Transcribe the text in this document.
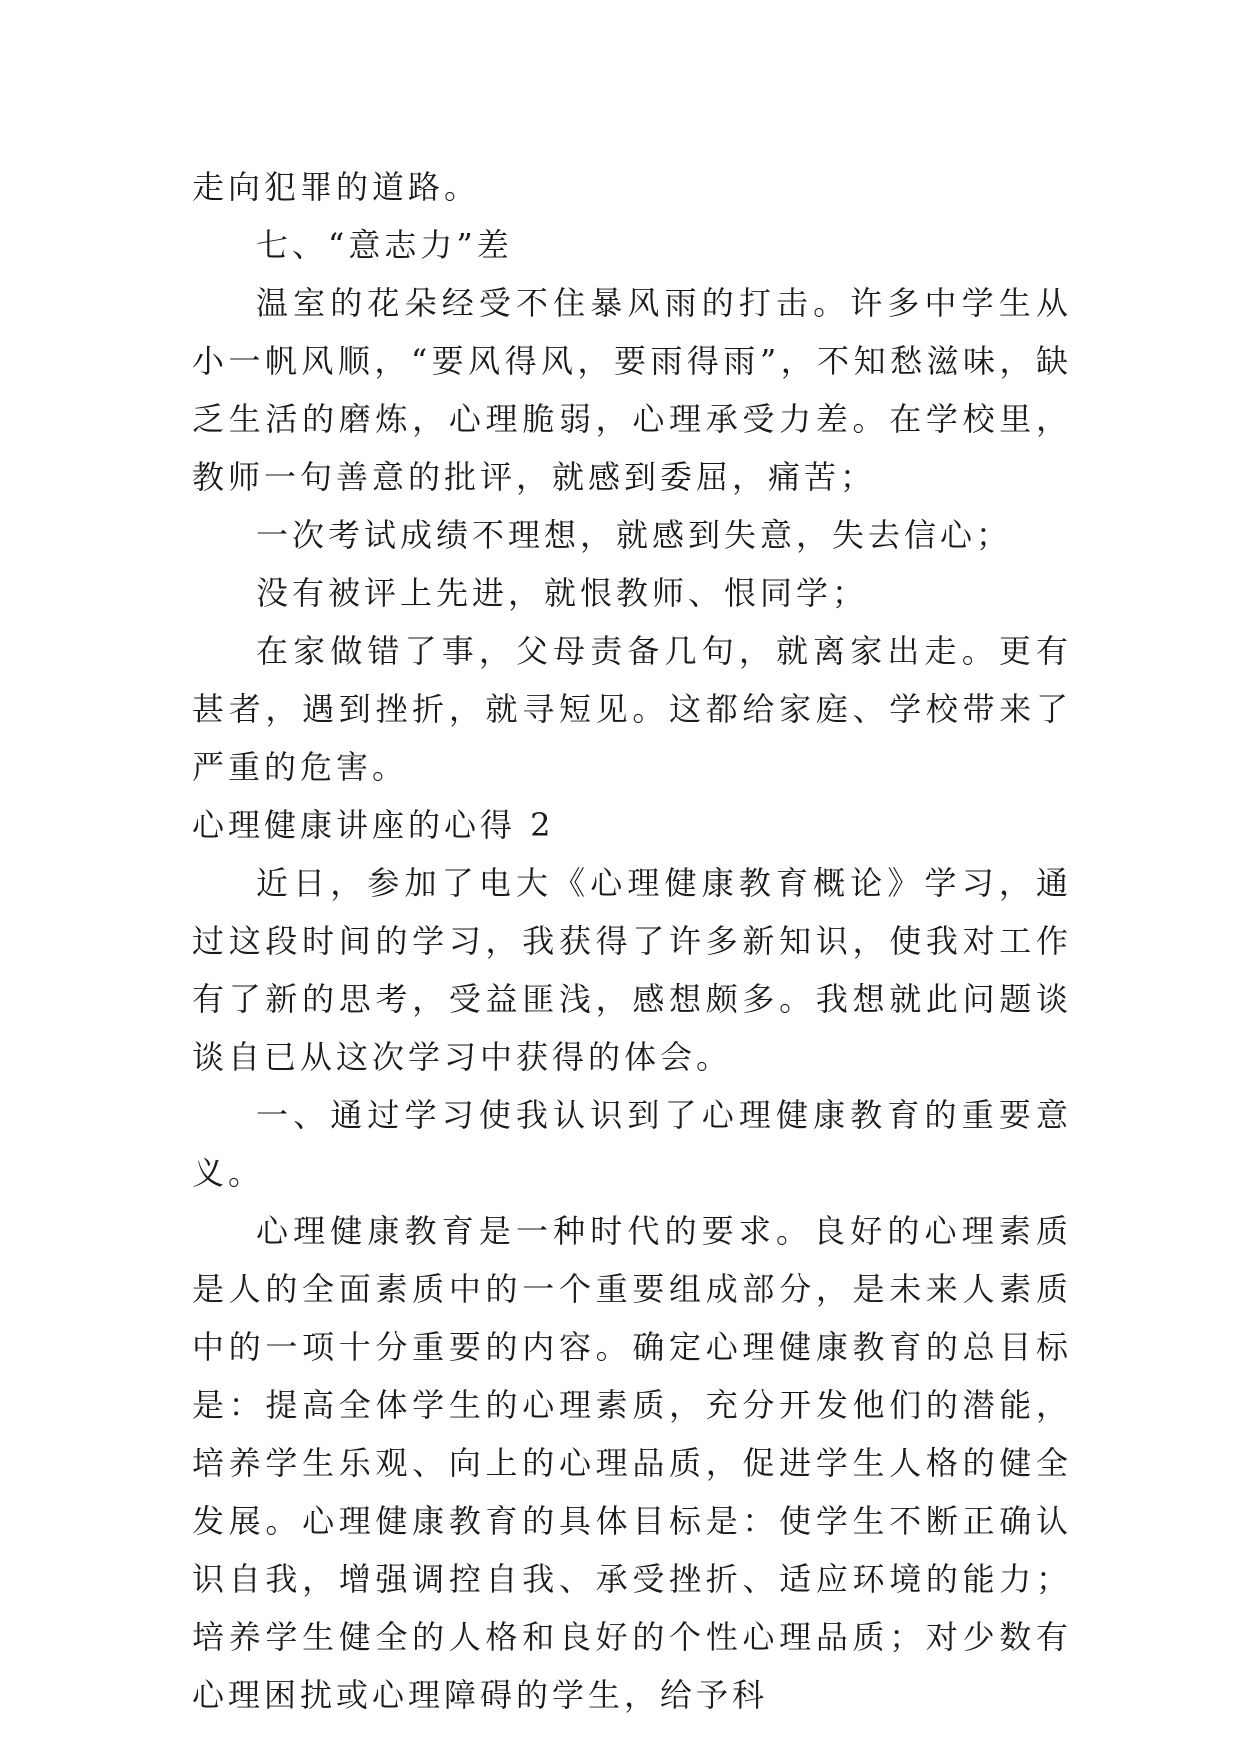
走向犯罪的道路。

七、“意志力”差

温室的花朵经受不住暴风雨的打击。许多中学生从小一帆风顺，“要风得风，要雨得雨”，不知愁滋味，缺乏生活的磨炼，心理脆弱，心理承受力差。在学校里，教师一句善意的批评，就感到委屈，痛苦；

一次考试成绩不理想，就感到失意，失去信心；

没有被评上先进，就恨教师、恨同学；

在家做错了事，父母责备几句，就离家出走。更有甚者，遇到挫折，就寻短见。这都给家庭、学校带来了严重的危害。

心理健康讲座的心得 2

近日，参加了电大《心理健康教育概论》学习，通过这段时间的学习，我获得了许多新知识，使我对工作有了新的思考，受益匪浅，感想颇多。我想就此问题谈谈自已从这次学习中获得的体会。

一、通过学习使我认识到了心理健康教育的重要意义。

心理健康教育是一种时代的要求。良好的心理素质是人的全面素质中的一个重要组成部分，是未来人素质中的一项十分重要的内容。确定心理健康教育的总目标是：提高全体学生的心理素质，充分开发他们的潜能，培养学生乐观、向上的心理品质，促进学生人格的健全发展。心理健康教育的具体目标是：使学生不断正确认识自我，增强调控自我、承受挫折、适应环境的能力；培养学生健全的人格和良好的个性心理品质；对少数有心理困扰或心理障碍的学生，给予科
